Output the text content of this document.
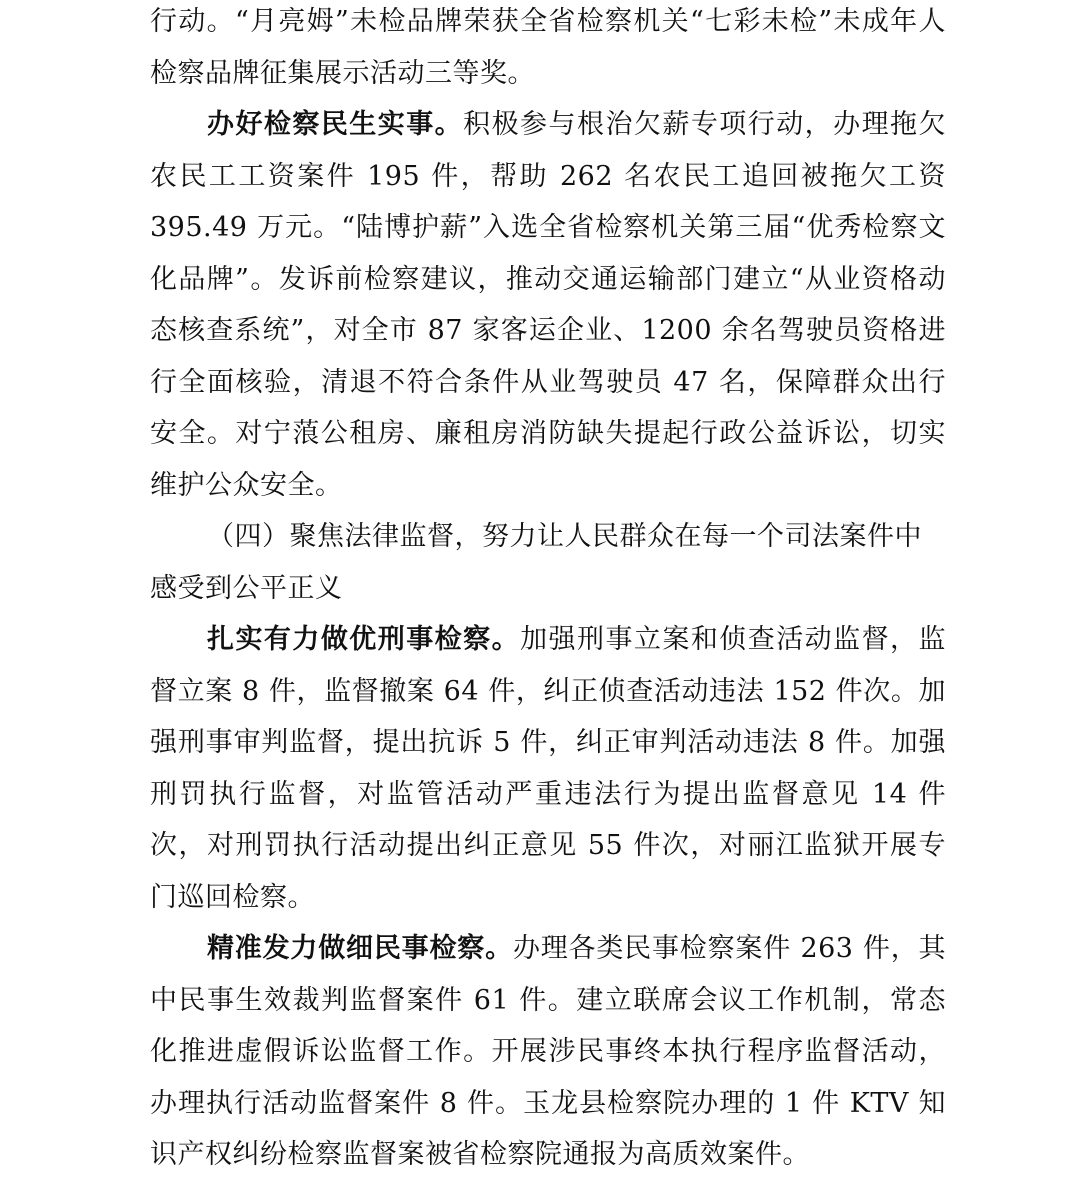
行动。“月亮姆”未检品牌荣获全省检察机关“七彩未检”未成年人检察品牌征集展示活动三等奖。

办好检察民生实事。积极参与根治欠薪专项行动，办理拖欠农民工工资案件 195 件，帮助 262 名农民工追回被拖欠工资 395.49 万元。“陆博护薪”入选全省检察机关第三届“优秀检察文化品牌”。发诉前检察建议，推动交通运输部门建立“从业资格动态核查系统”，对全市 87 家客运企业、1200 余名驾驶员资格进行全面核验，清退不符合条件从业驾驶员 47 名，保障群众出行安全。对宁蒗公租房、廉租房消防缺失提起行政公益诉讼，切实维护公众安全。

（四）聚焦法律监督，努力让人民群众在每一个司法案件中感受到公平正义

扎实有力做优刑事检察。加强刑事立案和侦查活动监督，监督立案 8 件，监督撤案 64 件，纠正侦查活动违法 152 件次。加强刑事审判监督，提出抗诉 5 件，纠正审判活动违法 8 件。加强刑罚执行监督，对监管活动严重违法行为提出监督意见 14 件次，对刑罚执行活动提出纠正意见 55 件次，对丽江监狱开展专门巡回检察。

精准发力做细民事检察。办理各类民事检察案件 263 件，其中民事生效裁判监督案件 61 件。建立联席会议工作机制，常态化推进虚假诉讼监督工作。开展涉民事终本执行程序监督活动，办理执行活动监督案件 8 件。玉龙县检察院办理的 1 件 KTV 知识产权纠纷检察监督案被省检察院通报为高质效案件。
